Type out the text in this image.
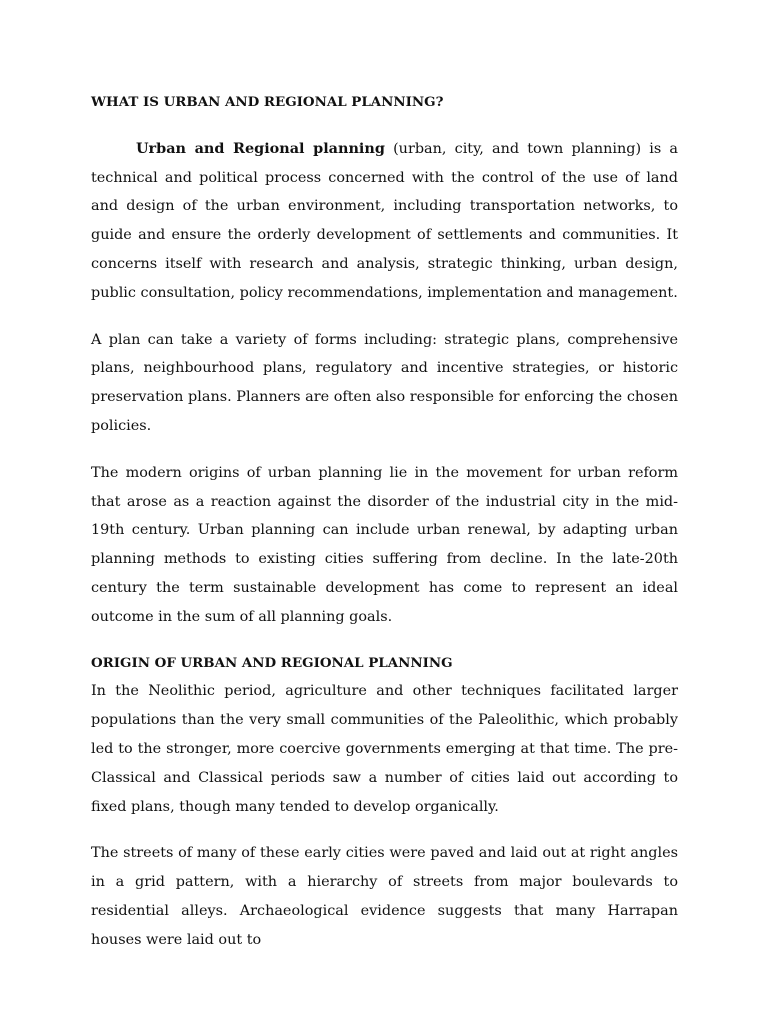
WHAT IS URBAN AND REGIONAL PLANNING?

Urban and Regional planning (urban, city, and town planning) is a technical and political process concerned with the control of the use of land and design of the urban environment, including transportation networks, to guide and ensure the orderly development of settlements and communities. It concerns itself with research and analysis, strategic thinking, urban design, public consultation, policy recommendations, implementation and management.

A plan can take a variety of forms including: strategic plans, comprehensive plans, neighbourhood plans, regulatory and incentive strategies, or historic preservation plans. Planners are often also responsible for enforcing the chosen policies.

The modern origins of urban planning lie in the movement for urban reform that arose as a reaction against the disorder of the industrial city in the mid-19th century. Urban planning can include urban renewal, by adapting urban planning methods to existing cities suffering from decline. In the late-20th century the term sustainable development has come to represent an ideal outcome in the sum of all planning goals.

ORIGIN OF URBAN AND REGIONAL PLANNING

In the Neolithic period, agriculture and other techniques facilitated larger populations than the very small communities of the Paleolithic, which probably led to the stronger, more coercive governments emerging at that time. The pre-Classical and Classical periods saw a number of cities laid out according to fixed plans, though many tended to develop organically.

The streets of many of these early cities were paved and laid out at right angles in a grid pattern, with a hierarchy of streets from major boulevards to residential alleys. Archaeological evidence suggests that many Harrapan houses were laid out to
